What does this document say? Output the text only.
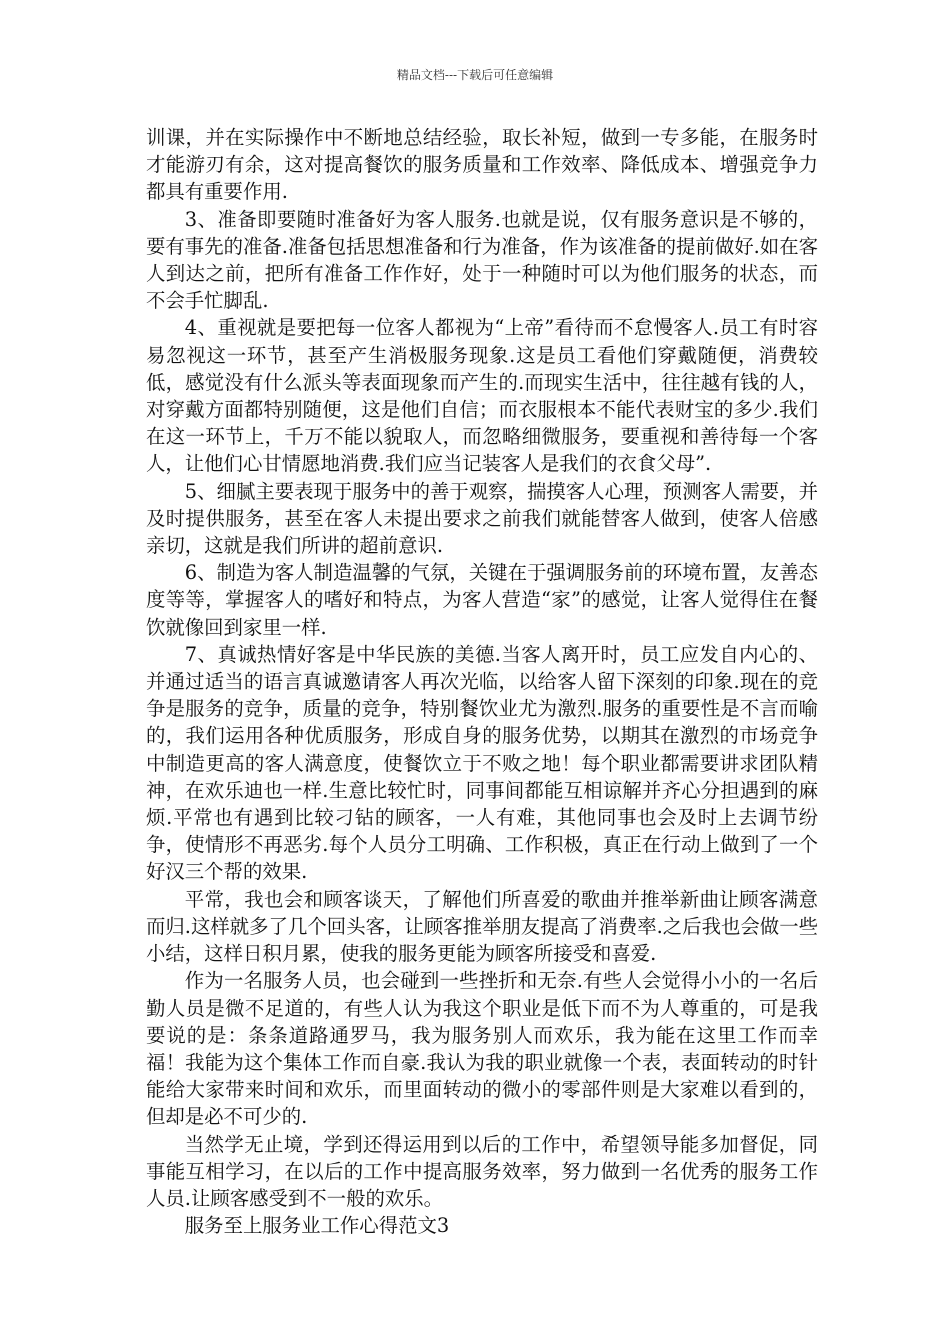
精品文档---下载后可任意编辑

训课，并在实际操作中不断地总结经验，取长补短，做到一专多能，在服务时才能游刃有余，这对提高餐饮的服务质量和工作效率、降低成本、增强竞争力都具有重要作用.

3、准备即要随时准备好为客人服务.也就是说，仅有服务意识是不够的，要有事先的准备.准备包括思想准备和行为准备，作为该准备的提前做好.如在客人到达之前，把所有准备工作作好，处于一种随时可以为他们服务的状态，而不会手忙脚乱.

4、重视就是要把每一位客人都视为“上帝”看待而不怠慢客人.员工有时容易忽视这一环节，甚至产生消极服务现象.这是员工看他们穿戴随便，消费较低，感觉没有什么派头等表面现象而产生的.而现实生活中，往往越有钱的人，对穿戴方面都特别随便，这是他们自信；而衣服根本不能代表财宝的多少.我们在这一环节上，千万不能以貌取人，而忽略细微服务，要重视和善待每一个客人，让他们心甘情愿地消费.我们应当记装客人是我们的衣食父母”.

5、细腻主要表现于服务中的善于观察，揣摸客人心理，预测客人需要，并及时提供服务，甚至在客人未提出要求之前我们就能替客人做到，使客人倍感亲切，这就是我们所讲的超前意识.

6、制造为客人制造温馨的气氛，关键在于强调服务前的环境布置，友善态度等等，掌握客人的嗜好和特点，为客人营造“家”的感觉，让客人觉得住在餐饮就像回到家里一样.

7、真诚热情好客是中华民族的美德.当客人离开时，员工应发自内心的、并通过适当的语言真诚邀请客人再次光临，以给客人留下深刻的印象.现在的竞争是服务的竞争，质量的竞争，特别餐饮业尤为激烈.服务的重要性是不言而喻的，我们运用各种优质服务，形成自身的服务优势，以期其在激烈的市场竞争中制造更高的客人满意度，使餐饮立于不败之地！每个职业都需要讲求团队精神，在欢乐迪也一样.生意比较忙时，同事间都能互相谅解并齐心分担遇到的麻烦.平常也有遇到比较刁钻的顾客，一人有难，其他同事也会及时上去调节纷争，使情形不再恶劣.每个人员分工明确、工作积极，真正在行动上做到了一个好汉三个帮的效果.

平常，我也会和顾客谈天，了解他们所喜爱的歌曲并推举新曲让顾客满意而归.这样就多了几个回头客，让顾客推举朋友提高了消费率.之后我也会做一些小结，这样日积月累，使我的服务更能为顾客所接受和喜爱.

作为一名服务人员，也会碰到一些挫折和无奈.有些人会觉得小小的一名后勤人员是微不足道的，有些人认为我这个职业是低下而不为人尊重的，可是我要说的是：条条道路通罗马，我为服务别人而欢乐，我为能在这里工作而幸福！我能为这个集体工作而自豪.我认为我的职业就像一个表，表面转动的时针能给大家带来时间和欢乐，而里面转动的微小的零部件则是大家难以看到的，但却是必不可少的.

当然学无止境，学到还得运用到以后的工作中，希望领导能多加督促，同事能互相学习，在以后的工作中提高服务效率，努力做到一名优秀的服务工作人员.让顾客感受到不一般的欢乐。

服务至上服务业工作心得范文3
